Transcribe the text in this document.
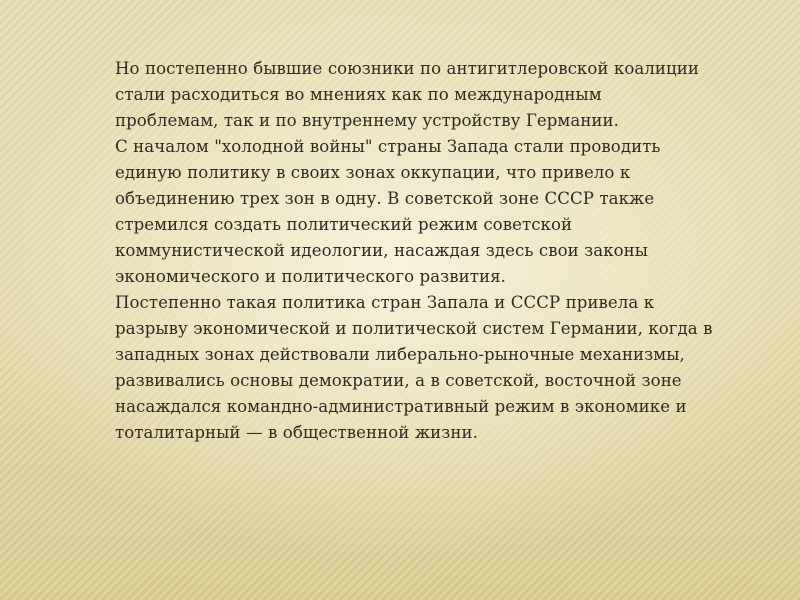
Но постепенно бывшие союзники по антигитлеровской коалиции
стали расходиться во мнениях как по международным
проблемам, так и по внутреннему устройству Германии.
С началом "холодной войны" страны Запада стали проводить
единую политику в своих зонах оккупации, что привело к
объединению трех зон в одну. В советской зоне СССР также
стремился создать политический режим советской
коммунистической идеологии, насаждая здесь свои законы
экономического и политического развития.
Постепенно такая политика стран Запала и СССР привела к
разрыву экономической и политической систем Германии, когда в
западных зонах действовали либерально-рыночные механизмы,
развивались основы демократии, а в советской, восточной зоне
насаждался командно-административный режим в экономике и
тоталитарный — в общественной жизни.
